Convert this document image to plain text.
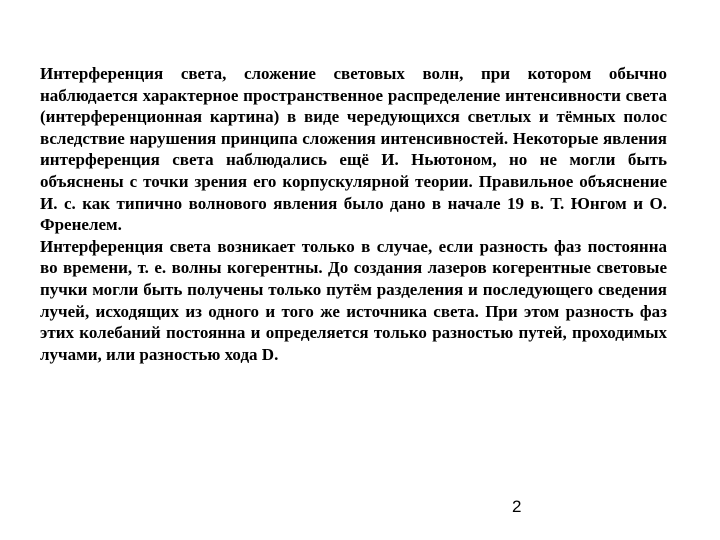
Интерференция света, сложение световых волн, при котором обычно наблюдается характерное пространственное распределение интенсивности света (интерференционная картина) в виде чередующихся светлых и тёмных полос вследствие нарушения принципа сложения интенсивностей. Некоторые явления интерференция света наблюдались ещё И. Ньютоном, но не могли быть объяснены с точки зрения его корпускулярной теории. Правильное объяснение И. с. как типично волнового явления было дано в начале 19 в. Т. Юнгом и О. Френелем.

Интерференция света возникает только в случае, если разность фаз постоянна во времени, т. е. волны когерентны. До создания лазеров когерентные световые пучки могли быть получены только путём разделения и последующего сведения лучей, исходящих из одного и того же источника света. При этом разность фаз этих колебаний постоянна и определяется только разностью путей, проходимых лучами, или разностью хода D.

2
